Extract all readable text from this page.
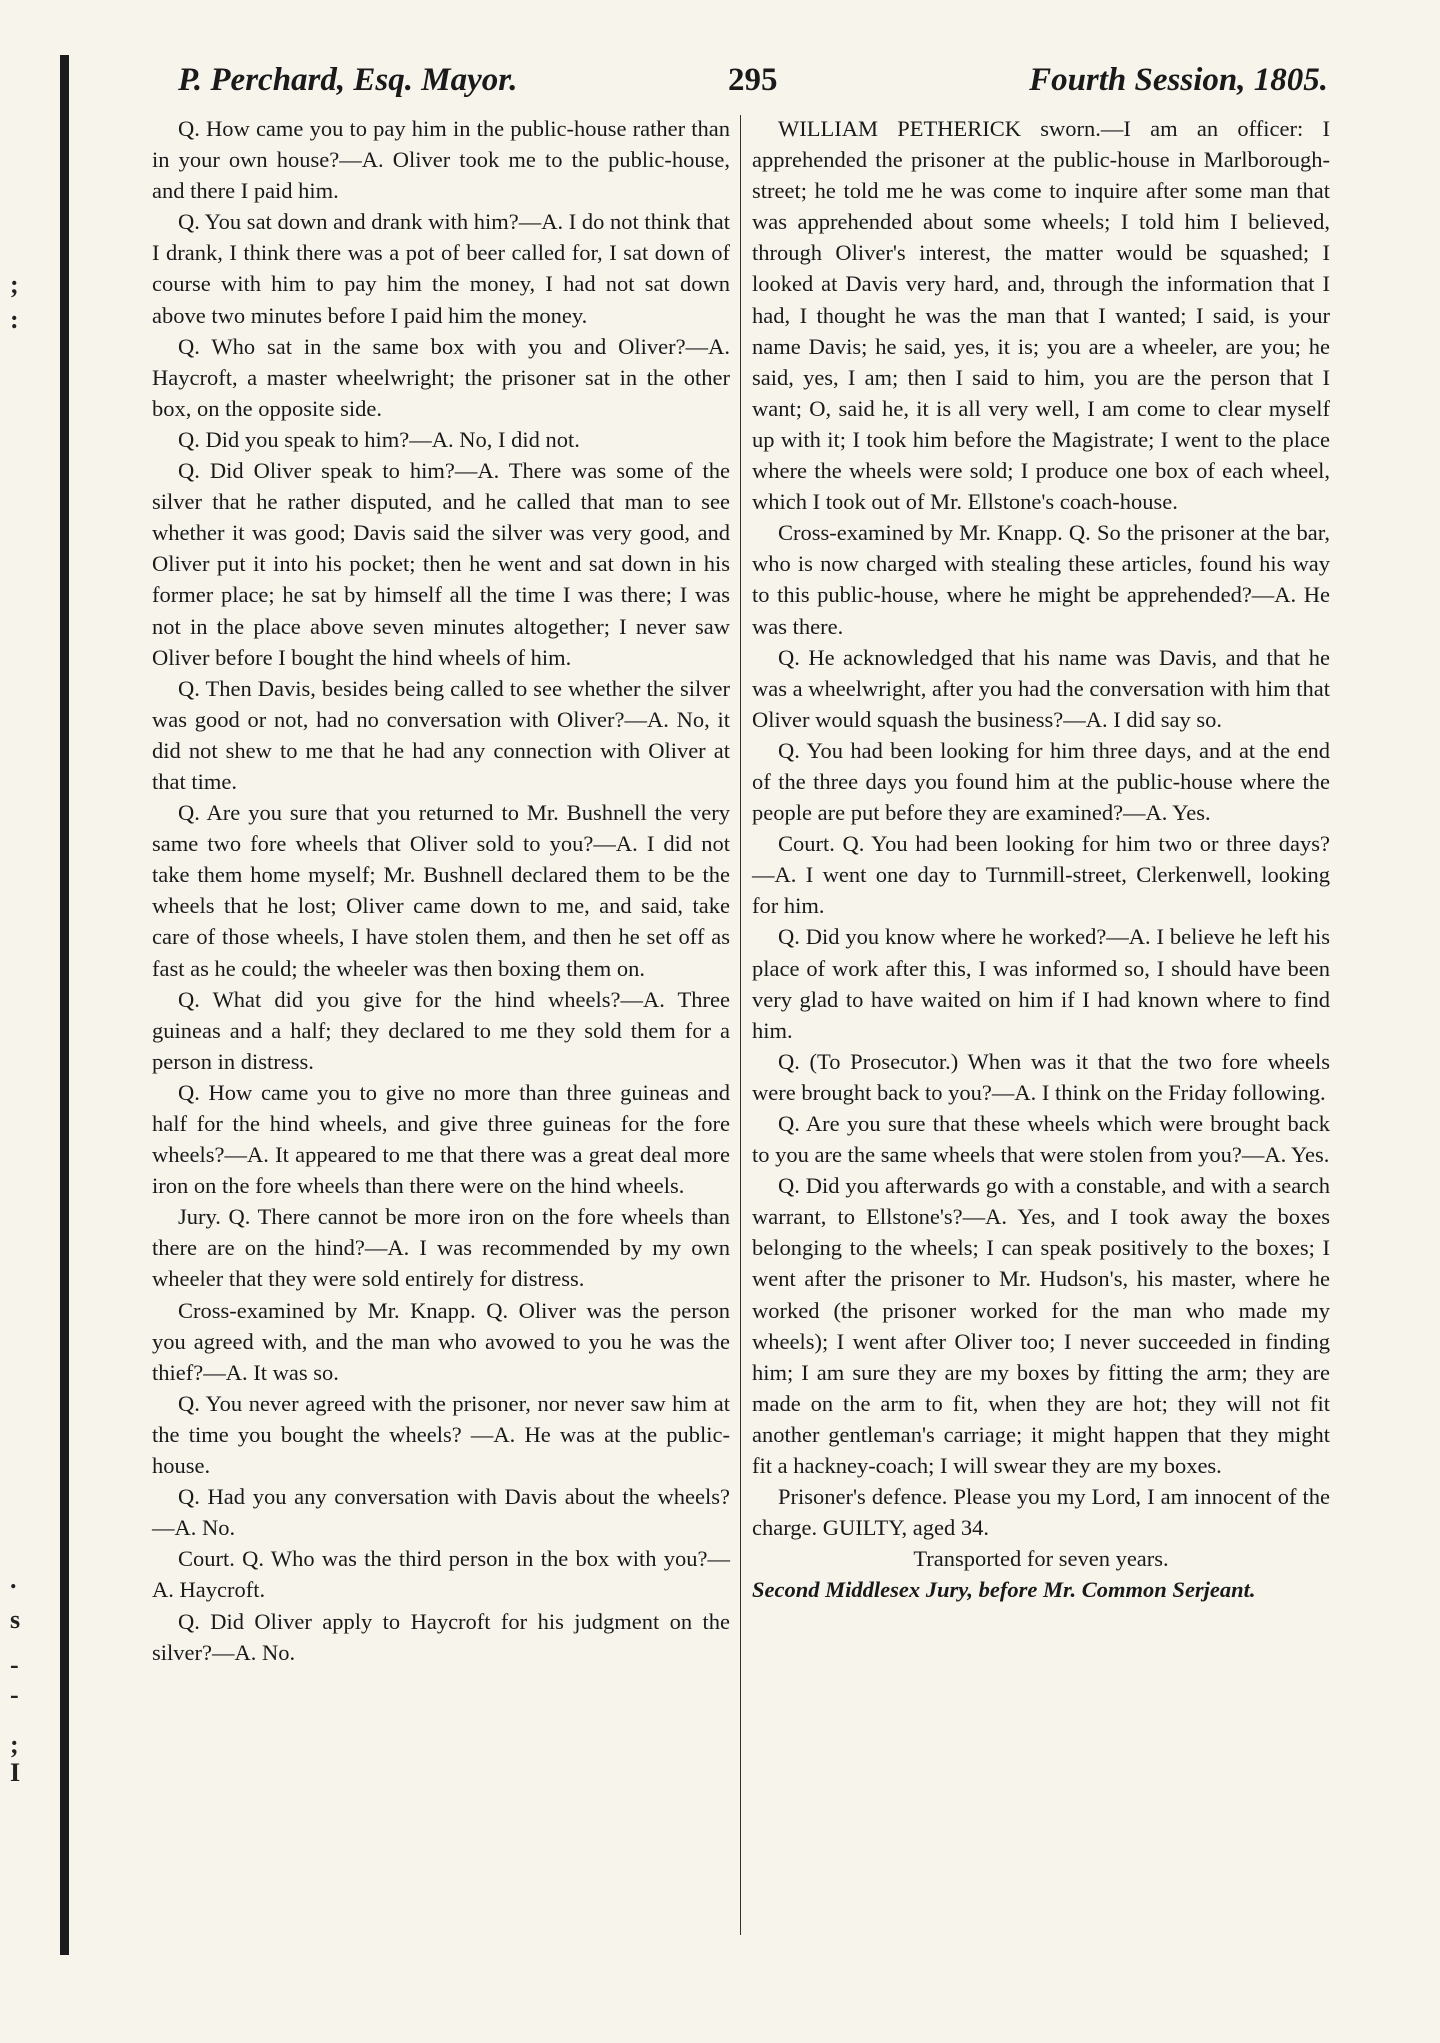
;
:
.
s
-
-
;
I
P. Perchard, Esq. Mayor.	295	Fourth Session, 1805.

Q. How came you to pay him in the public-house rather than in your own house?—A. Oliver took me to the public-house, and there I paid him.

Q. You sat down and drank with him?—A. I do not think that I drank, I think there was a pot of beer called for, I sat down of course with him to pay him the money, I had not sat down above two minutes before I paid him the money.

Q. Who sat in the same box with you and Oliver?—A. Haycroft, a master wheelwright; the prisoner sat in the other box, on the opposite side.

Q. Did you speak to him?—A. No, I did not.

Q. Did Oliver speak to him?—A. There was some of the silver that he rather disputed, and he called that man to see whether it was good; Davis said the silver was very good, and Oliver put it into his pocket; then he went and sat down in his former place; he sat by himself all the time I was there; I was not in the place above seven minutes altogether; I never saw Oliver before I bought the hind wheels of him.

Q. Then Davis, besides being called to see whether the silver was good or not, had no conversation with Oliver?—A. No, it did not shew to me that he had any connection with Oliver at that time.

Q. Are you sure that you returned to Mr. Bushnell the very same two fore wheels that Oliver sold to you?—A. I did not take them home myself; Mr. Bushnell declared them to be the wheels that he lost; Oliver came down to me, and said, take care of those wheels, I have stolen them, and then he set off as fast as he could; the wheeler was then boxing them on.

Q. What did you give for the hind wheels?—A. Three guineas and a half; they declared to me they sold them for a person in distress.

Q. How came you to give no more than three guineas and half for the hind wheels, and give three guineas for the fore wheels?—A. It appeared to me that there was a great deal more iron on the fore wheels than there were on the hind wheels.

Jury. Q. There cannot be more iron on the fore wheels than there are on the hind?—A. I was recommended by my own wheeler that they were sold entirely for distress.

Cross-examined by Mr. Knapp. Q. Oliver was the person you agreed with, and the man who avowed to you he was the thief?—A. It was so.

Q. You never agreed with the prisoner, nor never saw him at the time you bought the wheels? —A. He was at the public-house.

Q. Had you any conversation with Davis about the wheels?—A. No.

Court. Q. Who was the third person in the box with you?—A. Haycroft.

Q. Did Oliver apply to Haycroft for his judgment on the silver?—A. No.

WILLIAM PETHERICK sworn.—I am an officer: I apprehended the prisoner at the public-house in Marlborough-street; he told me he was come to inquire after some man that was apprehended about some wheels; I told him I believed, through Oliver's interest, the matter would be squashed; I looked at Davis very hard, and, through the information that I had, I thought he was the man that I wanted; I said, is your name Davis; he said, yes, it is; you are a wheeler, are you; he said, yes, I am; then I said to him, you are the person that I want; O, said he, it is all very well, I am come to clear myself up with it; I took him before the Magistrate; I went to the place where the wheels were sold; I produce one box of each wheel, which I took out of Mr. Ellstone's coach-house.

Cross-examined by Mr. Knapp. Q. So the prisoner at the bar, who is now charged with stealing these articles, found his way to this public-house, where he might be apprehended?—A. He was there.

Q. He acknowledged that his name was Davis, and that he was a wheelwright, after you had the conversation with him that Oliver would squash the business?—A. I did say so.

Q. You had been looking for him three days, and at the end of the three days you found him at the public-house where the people are put before they are examined?—A. Yes.

Court. Q. You had been looking for him two or three days?—A. I went one day to Turnmill-street, Clerkenwell, looking for him.

Q. Did you know where he worked?—A. I believe he left his place of work after this, I was informed so, I should have been very glad to have waited on him if I had known where to find him.

Q. (To Prosecutor.) When was it that the two fore wheels were brought back to you?—A. I think on the Friday following.

Q. Are you sure that these wheels which were brought back to you are the same wheels that were stolen from you?—A. Yes.

Q. Did you afterwards go with a constable, and with a search warrant, to Ellstone's?—A. Yes, and I took away the boxes belonging to the wheels; I can speak positively to the boxes; I went after the prisoner to Mr. Hudson's, his master, where he worked (the prisoner worked for the man who made my wheels); I went after Oliver too; I never succeeded in finding him; I am sure they are my boxes by fitting the arm; they are made on the arm to fit, when they are hot; they will not fit another gentleman's carriage; it might happen that they might fit a hackney-coach; I will swear they are my boxes.

Prisoner's defence. Please you my Lord, I am innocent of the charge. GUILTY, aged 34.

Transported for seven years.

Second Middlesex Jury, before Mr. Common Serjeant.
